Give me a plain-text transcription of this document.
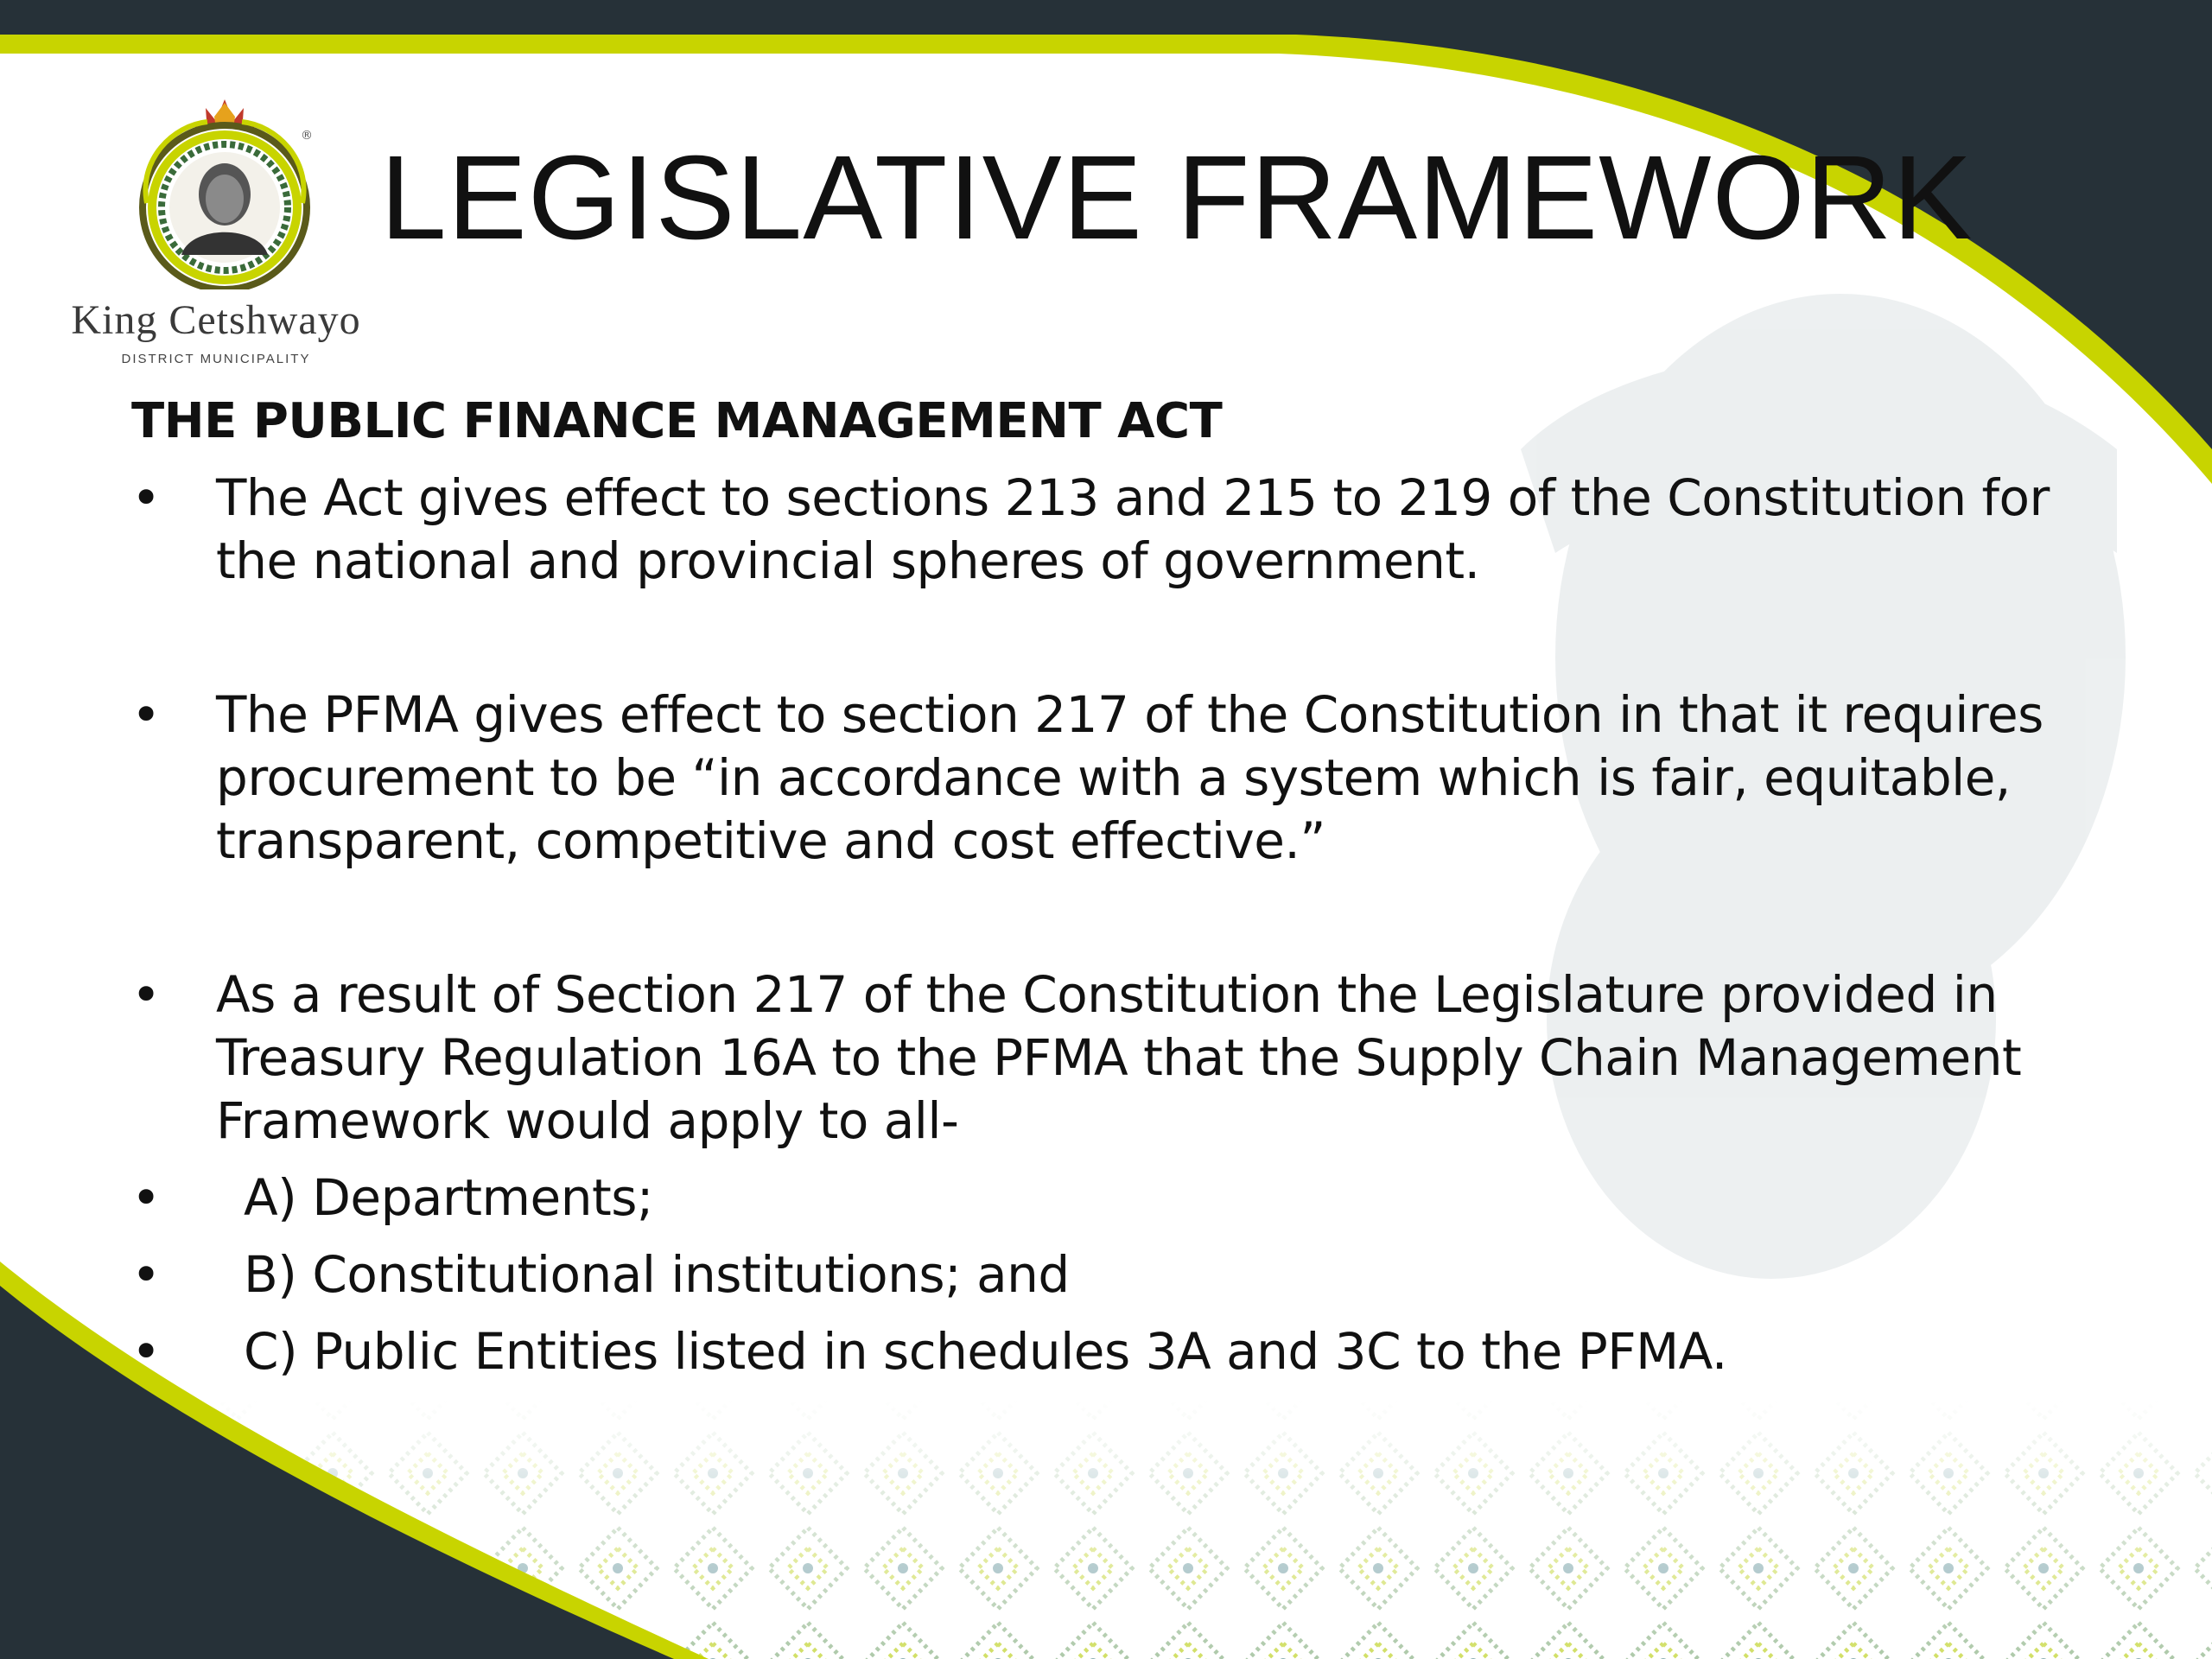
®
King Cetshwayo
DISTRICT MUNICIPALITY
LEGISLATIVE FRAMEWORK
THE PUBLIC FINANCE MANAGEMENT ACT
• The Act gives effect to sections 213 and 215 to 219 of the Constitution for the national and provincial spheres of government.
• The PFMA gives effect to section 217 of the Constitution in that it requires procurement to be “in accordance with a system which is fair, equitable, transparent, competitive and cost effective.”
• As a result of Section 217 of the Constitution the Legislature provided in Treasury Regulation 16A to the PFMA that the Supply Chain Management Framework would apply to all-
• A) Departments;
• B) Constitutional institutions; and
• C) Public Entities listed in schedules 3A and 3C to the PFMA.
